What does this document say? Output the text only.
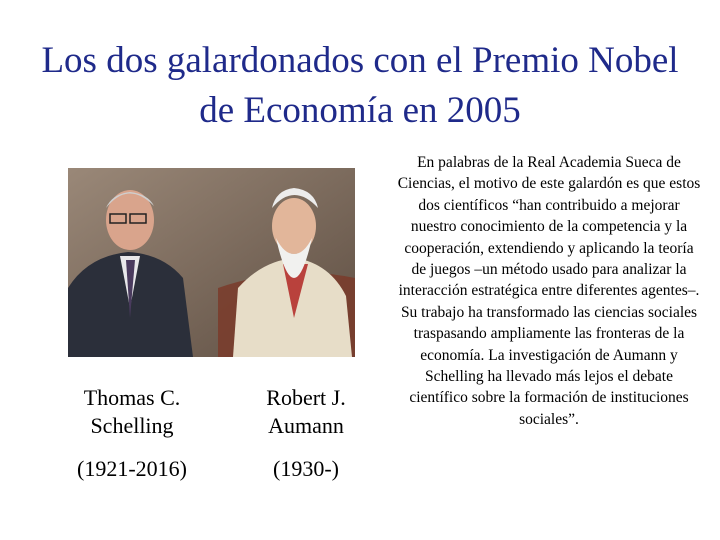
Los dos galardonados con el Premio Nobel de Economía en 2005
Thomas C. Schelling
Robert J. Aumann
(1921-2016)	(1930-)
En palabras de la Real Academia Sueca de Ciencias, el motivo de este galardón es que estos dos científicos “han contribuido a mejorar nuestro conocimiento de la competencia y la cooperación, extendiendo y aplicando la teoría de juegos –un método usado para analizar la interacción estratégica entre diferentes agentes–. Su trabajo ha transformado las ciencias sociales traspasando ampliamente las fronteras de la economía. La investigación de Aumann y Schelling ha llevado más lejos el debate científico sobre la formación de instituciones sociales”.
